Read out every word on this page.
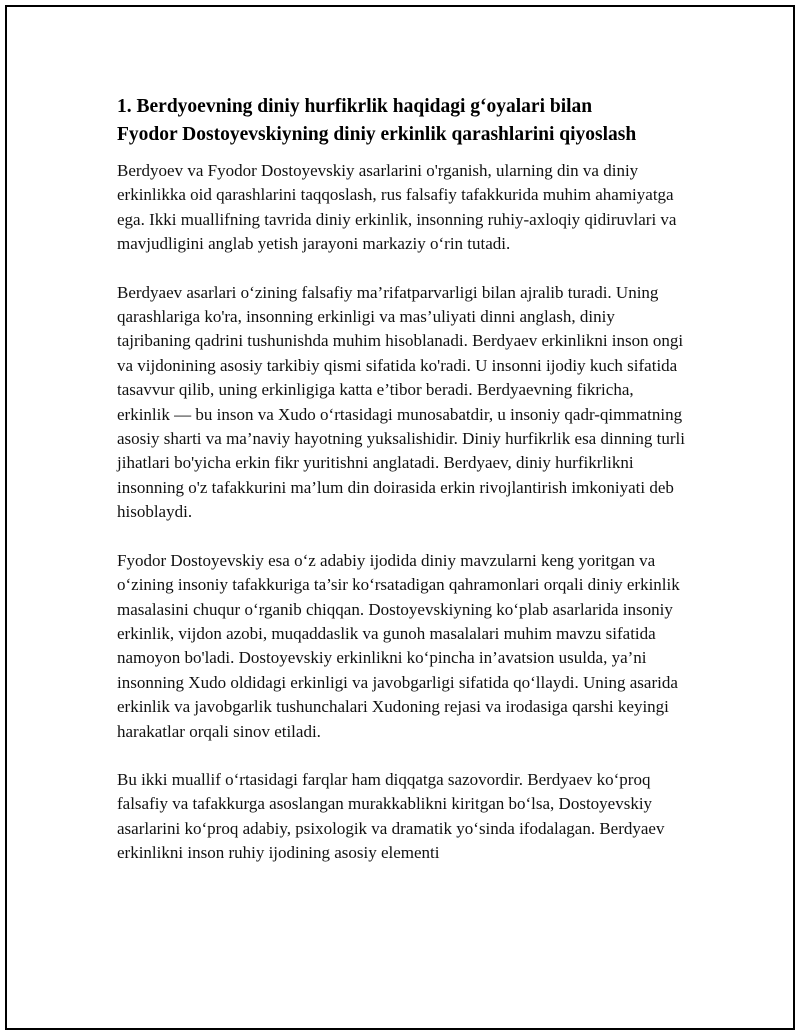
1. Berdyoevning diniy hurfikrlik haqidagi g‘oyalari bilan
Fyodor Dostoyevskiyning diniy erkinlik qarashlarini qiyoslash

Berdyoev va Fyodor Dostoyevskiy asarlarini o'rganish, ularning din va diniy erkinlikka oid qarashlarini taqqoslash, rus falsafiy tafakkurida muhim ahamiyatga ega. Ikki muallifning tavrida diniy erkinlik, insonning ruhiy-axloqiy qidiruvlari va mavjudligini anglab yetish jarayoni markaziy o‘rin tutadi.

Berdyaev asarlari o‘zining falsafiy ma’rifatparvarligi bilan ajralib turadi. Uning qarashlariga ko'ra, insonning erkinligi va mas’uliyati dinni anglash, diniy tajribaning qadrini tushunishda muhim hisoblanadi. Berdyaev erkinlikni inson ongi va vijdonining asosiy tarkibiy qismi sifatida ko'radi. U insonni ijodiy kuch sifatida tasavvur qilib, uning erkinligiga katta e’tibor beradi. Berdyaevning fikricha, erkinlik — bu inson va Xudo o‘rtasidagi munosabatdir, u insoniy qadr-qimmatning asosiy sharti va ma’naviy hayotning yuksalishidir. Diniy hurfikrlik esa dinning turli jihatlari bo'yicha erkin fikr yuritishni anglatadi. Berdyaev, diniy hurfikrlikni insonning o'z tafakkurini ma’lum din doirasida erkin rivojlantirish imkoniyati deb hisoblaydi.

Fyodor Dostoyevskiy esa o‘z adabiy ijodida diniy mavzularni keng yoritgan va o‘zining insoniy tafakkuriga ta’sir ko‘rsatadigan qahramonlari orqali diniy erkinlik masalasini chuqur o‘rganib chiqqan. Dostoyevskiyning ko‘plab asarlarida insoniy erkinlik, vijdon azobi, muqaddaslik va gunoh masalalari muhim mavzu sifatida namoyon bo'ladi. Dostoyevskiy erkinlikni ko‘pincha in’avatsion usulda, ya’ni insonning Xudo oldidagi erkinligi va javobgarligi sifatida qo‘llaydi. Uning asarida erkinlik va javobgarlik tushunchalari Xudoning rejasi va irodasiga qarshi keyingi harakatlar orqali sinov etiladi.

Bu ikki muallif o‘rtasidagi farqlar ham diqqatga sazovordir. Berdyaev ko‘proq falsafiy va tafakkurga asoslangan murakkablikni kiritgan bo‘lsa, Dostoyevskiy asarlarini ko‘proq adabiy, psixologik va dramatik yo‘sinda ifodalagan. Berdyaev erkinlikni inson ruhiy ijodining asosiy elementi
